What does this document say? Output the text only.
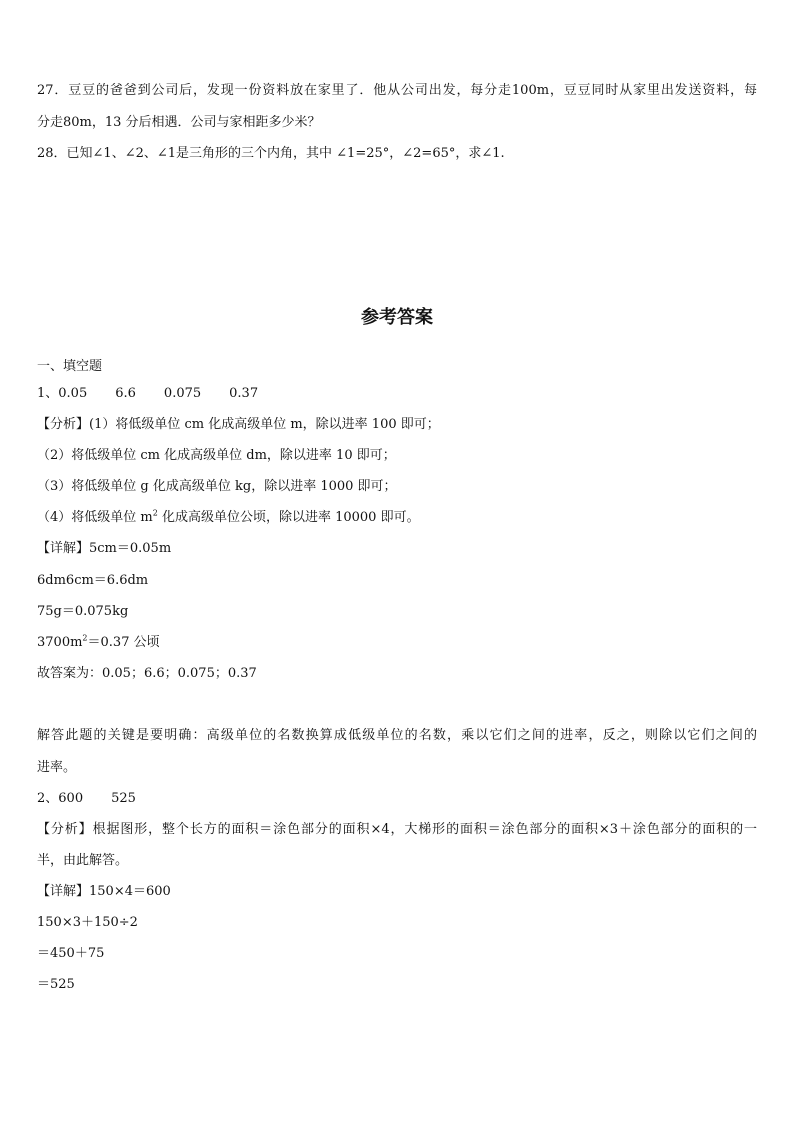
27．豆豆的爸爸到公司后，发现一份资料放在家里了．他从公司出发，每分走100m，豆豆同时从家里出发送资料，每
分走80m，13 分后相遇．公司与家相距多少米？
28．已知∠1、∠2、∠1是三角形的三个内角，其中 ∠1=25°，∠2=65°，求∠1.
参考答案
一、填空题
1、0.05 6.6 0.075 0.37
【分析】(1）将低级单位 cm 化成高级单位 m，除以进率 100 即可；
（2）将低级单位 cm 化成高级单位 dm，除以进率 10 即可；
（3）将低级单位 g 化成高级单位 kg，除以进率 1000 即可；
（4）将低级单位 $m^2$ 化成高级单位公顷，除以进率 10000 即可。
【详解】5cm＝0.05m
6dm6cm＝6.6dm
75g＝0.075kg
$3700m^2=0.37$ 公顷
故答案为：0.05；6.6；0.075；0.37
解答此题的关键是要明确：高级单位的名数换算成低级单位的名数，乘以它们之间的进率，反之，则除以它们之间的
进率。
2、600 525
【分析】根据图形，整个长方的面积＝涂色部分的面积×4，大梯形的面积＝涂色部分的面积×3＋涂色部分的面积的一
半，由此解答。
【详解】150×4＝600
150×3＋150÷2
＝450＋75
＝525
